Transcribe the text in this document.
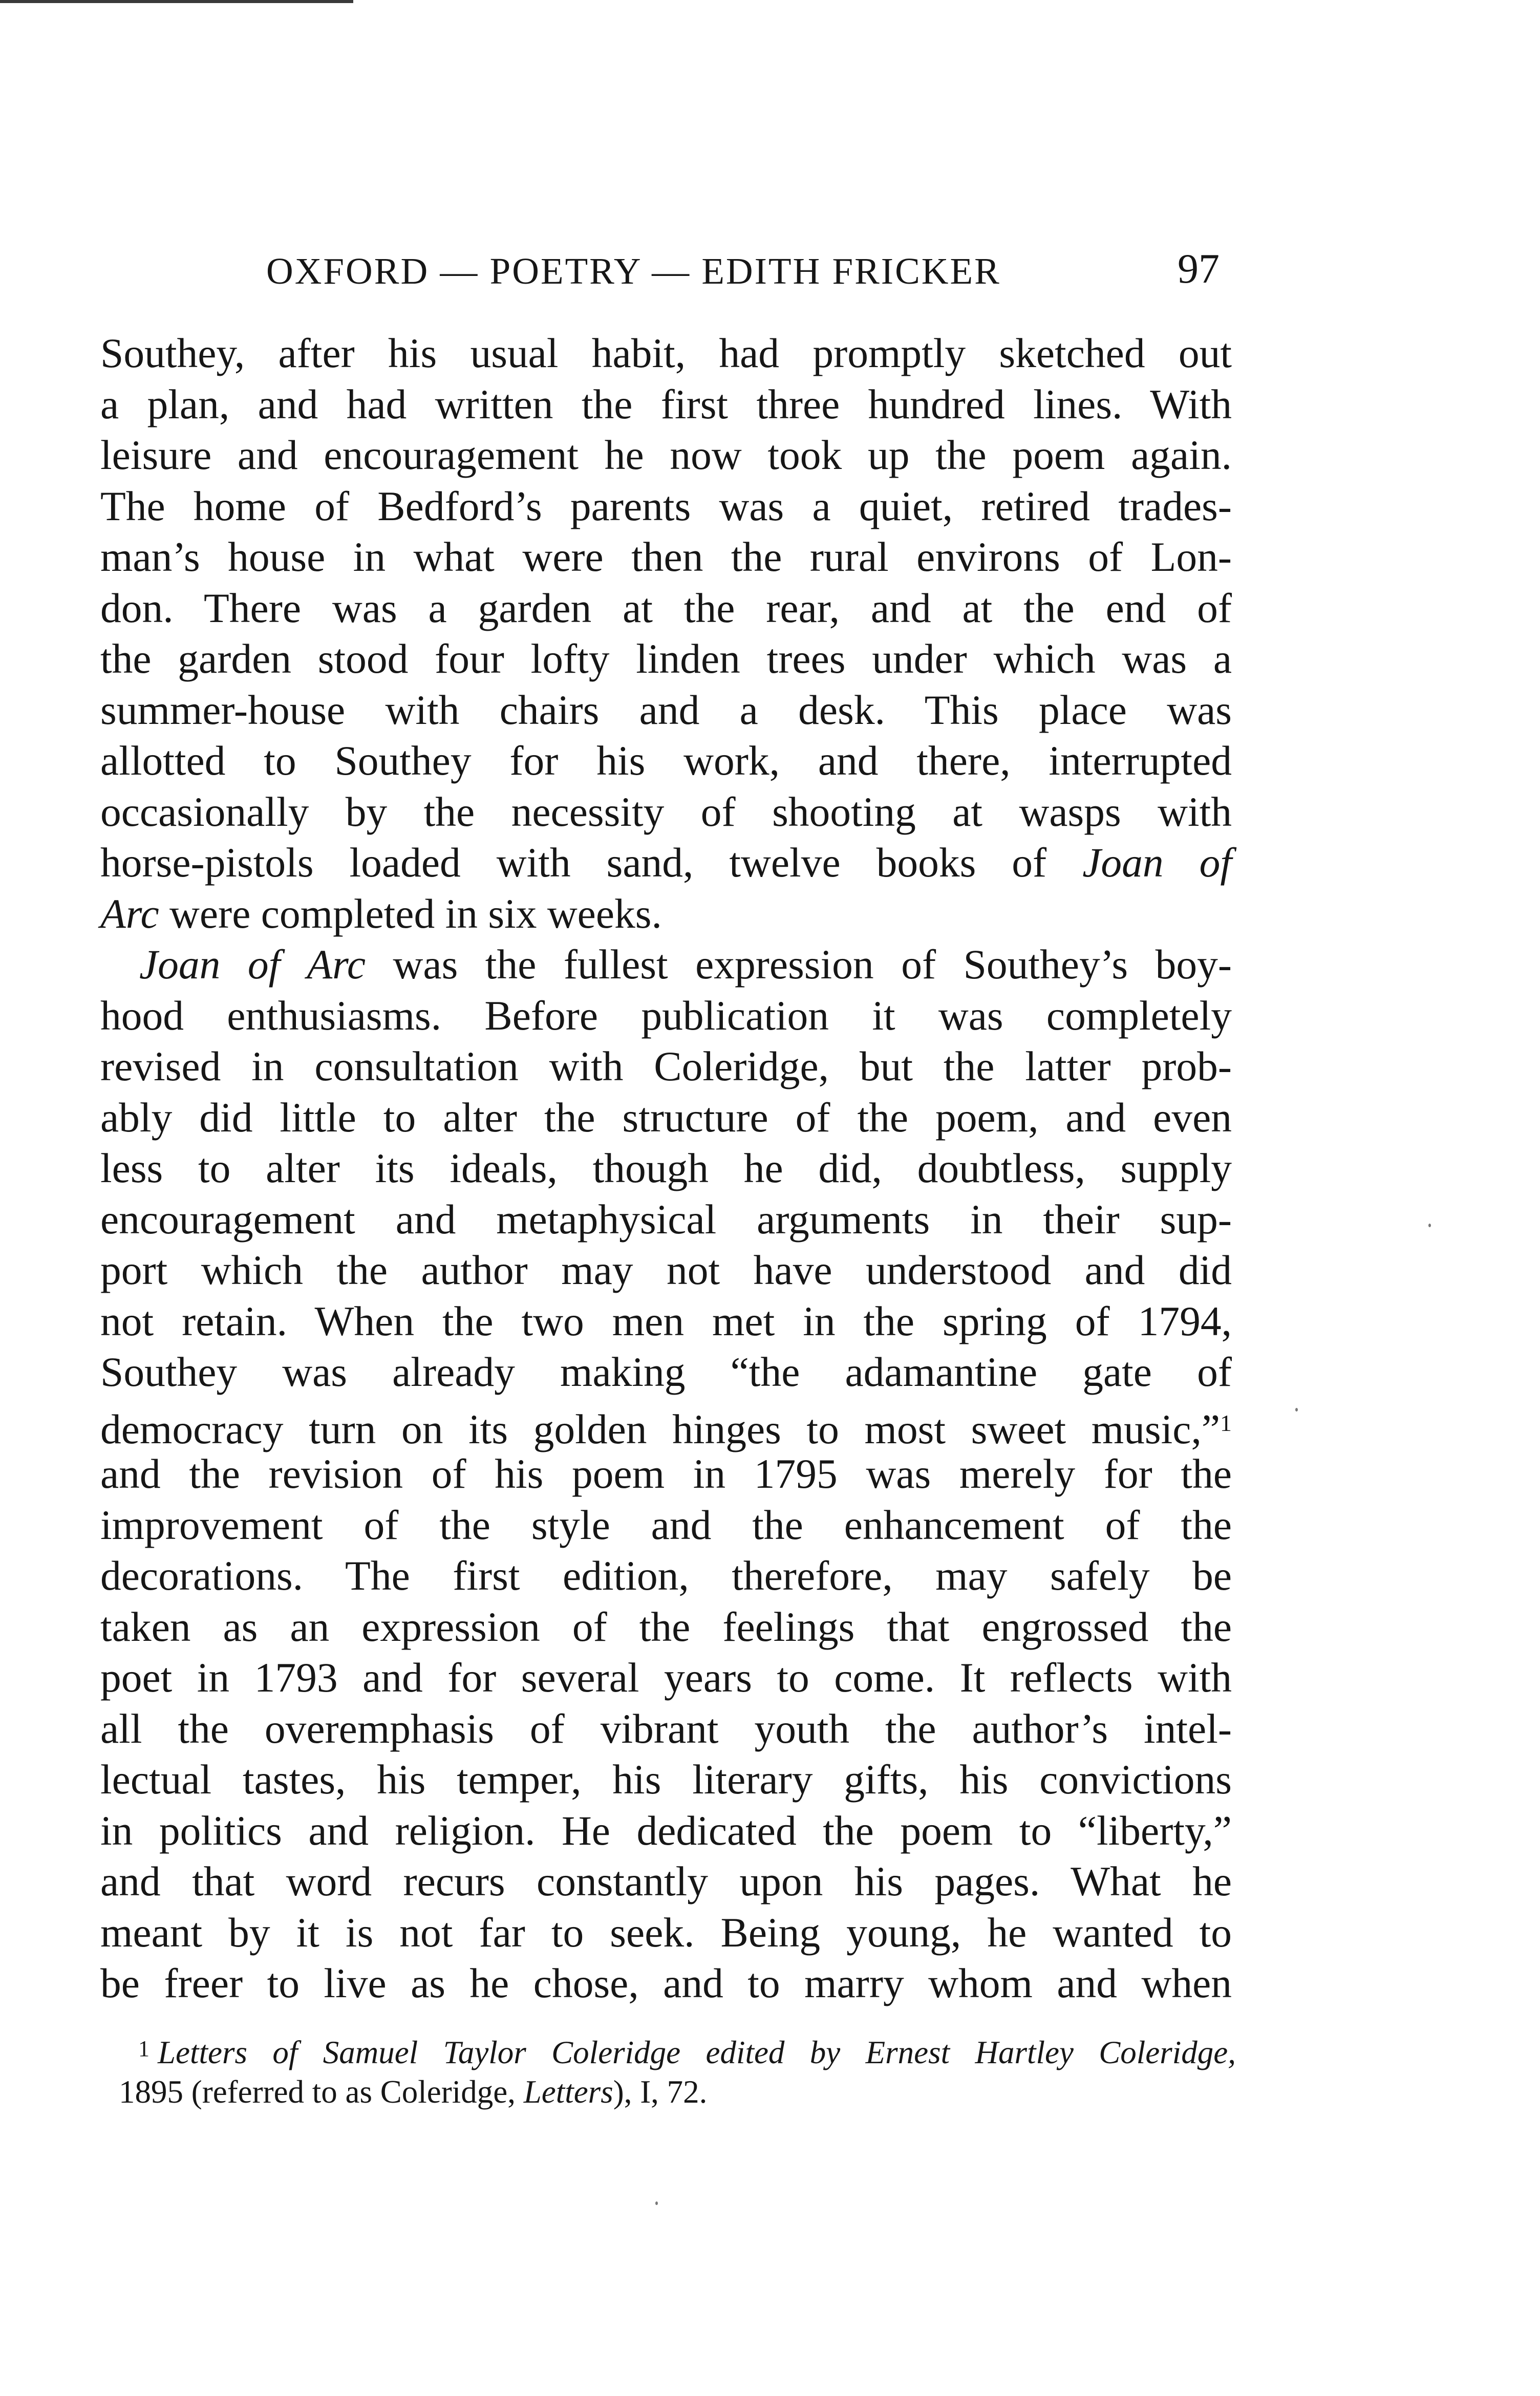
OXFORD — POETRY — EDITH FRICKER	97
Southey, after his usual habit, had promptly sketched out
a plan, and had written the first three hundred lines. With
leisure and encouragement he now took up the poem again.
The home of Bedford’s parents was a quiet, retired trades-
man’s house in what were then the rural environs of Lon-
don. There was a garden at the rear, and at the end of
the garden stood four lofty linden trees under which was a
summer-house with chairs and a desk. This place was
allotted to Southey for his work, and there, interrupted
occasionally by the necessity of shooting at wasps with
horse-pistols loaded with sand, twelve books of Joan of
Arc were completed in six weeks.
Joan of Arc was the fullest expression of Southey’s boy-
hood enthusiasms. Before publication it was completely
revised in consultation with Coleridge, but the latter prob-
ably did little to alter the structure of the poem, and even
less to alter its ideals, though he did, doubtless, supply
encouragement and metaphysical arguments in their sup-
port which the author may not have understood and did
not retain. When the two men met in the spring of 1794,
Southey was already making “the adamantine gate of
democracy turn on its golden hinges to most sweet music,”$^1$
and the revision of his poem in 1795 was merely for the
improvement of the style and the enhancement of the
decorations. The first edition, therefore, may safely be
taken as an expression of the feelings that engrossed the
poet in 1793 and for several years to come. It reflects with
all the overemphasis of vibrant youth the author’s intel-
lectual tastes, his temper, his literary gifts, his convictions
in politics and religion. He dedicated the poem to “liberty,”
and that word recurs constantly upon his pages. What he
meant by it is not far to seek. Being young, he wanted to
be freer to live as he chose, and to marry whom and when
$^1$ Letters of Samuel Taylor Coleridge edited by Ernest Hartley Coleridge,
1895 (referred to as Coleridge, Letters), I, 72.
